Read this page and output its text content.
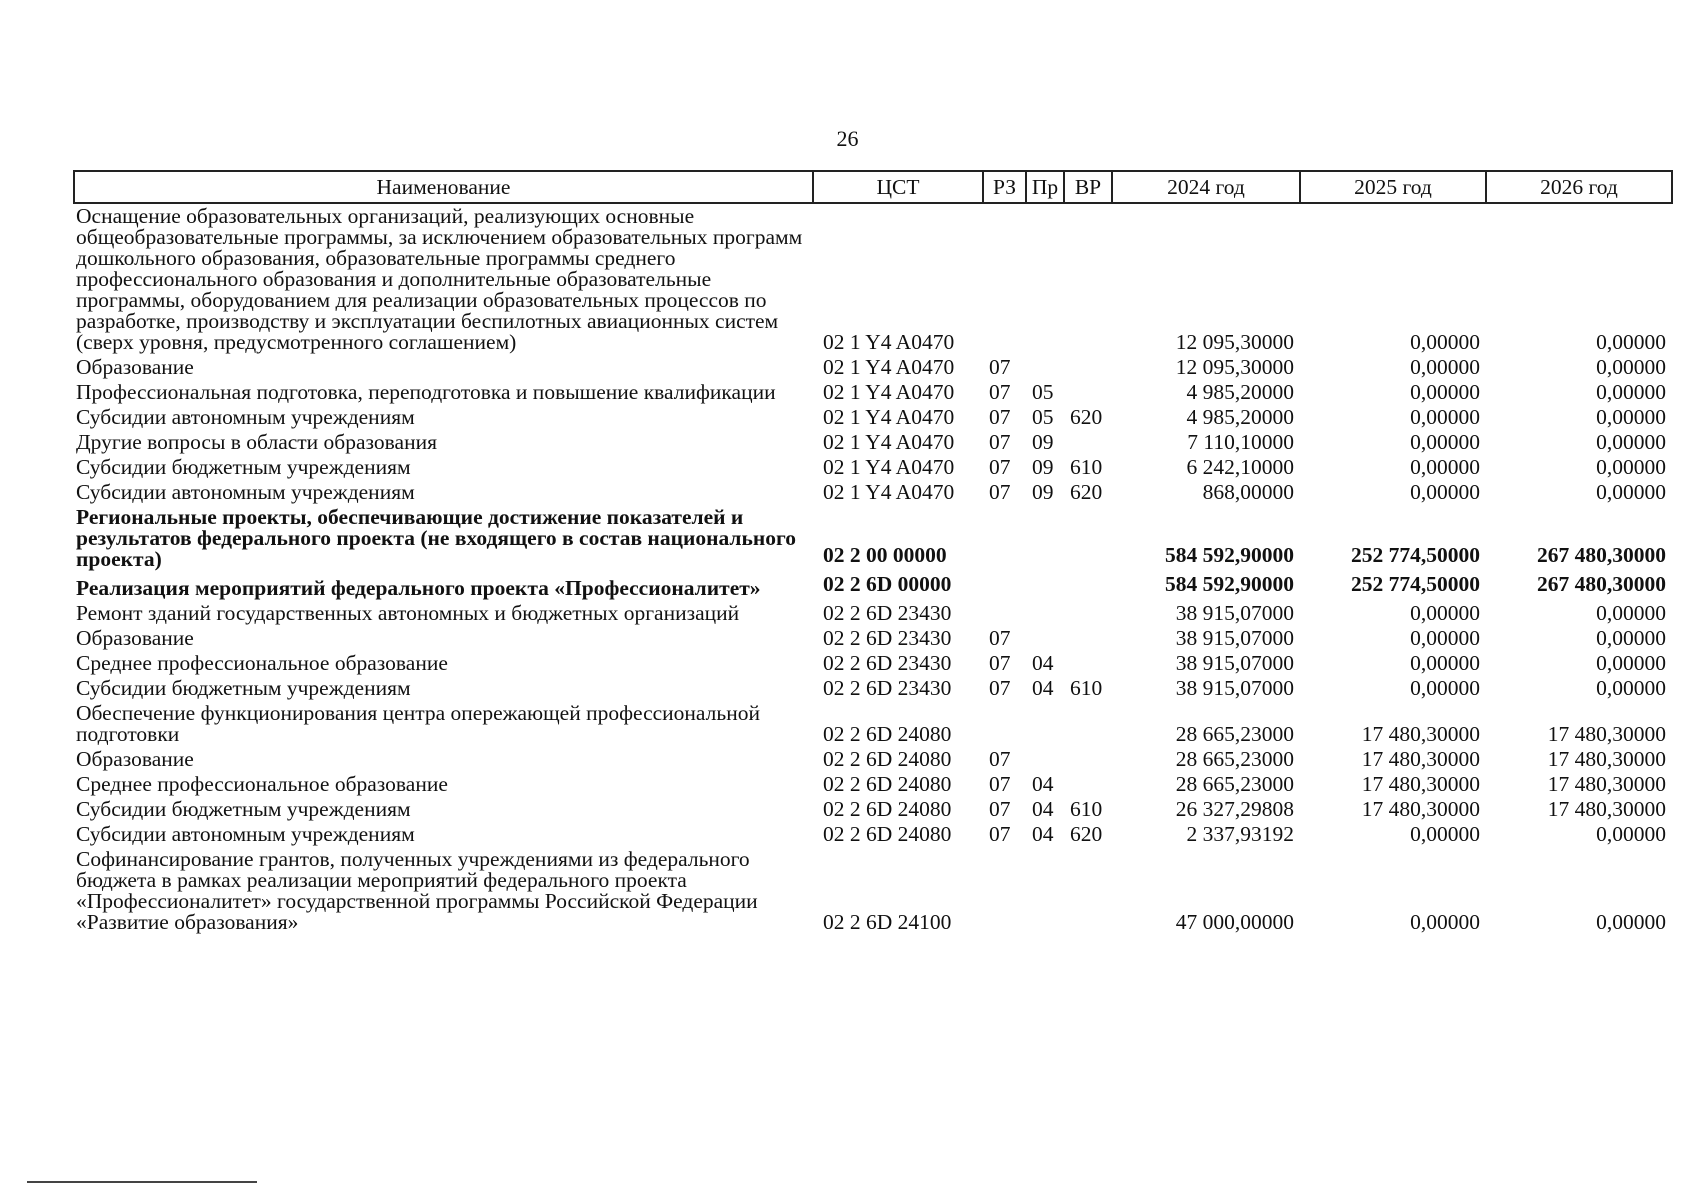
26
Наименование	ЦСТ	РЗ	Пр	ВР	2024 год	2025 год	2026 год
Оснащение образовательных организаций, реализующих основные общеобразовательные программы, за исключением образовательных программ дошкольного образования, образовательные программы среднего профессионального образования и дополнительные образовательные программы, оборудованием для реализации образовательных процессов по разработке, производству и эксплуатации беспилотных авиационных систем (сверх уровня, предусмотренного соглашением)	02 1 Y4 A0470				12 095,30000	0,00000	0,00000
Образование	02 1 Y4 A0470	07			12 095,30000	0,00000	0,00000
Профессиональная подготовка, переподготовка и повышение квалификации	02 1 Y4 A0470	07	05		4 985,20000	0,00000	0,00000
Субсидии автономным учреждениям	02 1 Y4 A0470	07	05	620	4 985,20000	0,00000	0,00000
Другие вопросы в области образования	02 1 Y4 A0470	07	09		7 110,10000	0,00000	0,00000
Субсидии бюджетным учреждениям	02 1 Y4 A0470	07	09	610	6 242,10000	0,00000	0,00000
Субсидии автономным учреждениям	02 1 Y4 A0470	07	09	620	868,00000	0,00000	0,00000
Региональные проекты, обеспечивающие достижение показателей и результатов федерального проекта (не входящего в состав национального проекта)	02 2 00 00000				584 592,90000	252 774,50000	267 480,30000
Реализация мероприятий федерального проекта «Профессионалитет»	02 2 6D 00000				584 592,90000	252 774,50000	267 480,30000
Ремонт зданий государственных автономных и бюджетных организаций	02 2 6D 23430				38 915,07000	0,00000	0,00000
Образование	02 2 6D 23430	07			38 915,07000	0,00000	0,00000
Среднее профессиональное образование	02 2 6D 23430	07	04		38 915,07000	0,00000	0,00000
Субсидии бюджетным учреждениям	02 2 6D 23430	07	04	610	38 915,07000	0,00000	0,00000
Обеспечение функционирования центра опережающей профессиональной подготовки	02 2 6D 24080				28 665,23000	17 480,30000	17 480,30000
Образование	02 2 6D 24080	07			28 665,23000	17 480,30000	17 480,30000
Среднее профессиональное образование	02 2 6D 24080	07	04		28 665,23000	17 480,30000	17 480,30000
Субсидии бюджетным учреждениям	02 2 6D 24080	07	04	610	26 327,29808	17 480,30000	17 480,30000
Субсидии автономным учреждениям	02 2 6D 24080	07	04	620	2 337,93192	0,00000	0,00000
Софинансирование грантов, полученных учреждениями из федерального бюджета в рамках реализации мероприятий федерального проекта «Профессионалитет» государственной программы Российской Федерации «Развитие образования»	02 2 6D 24100				47 000,00000	0,00000	0,00000
